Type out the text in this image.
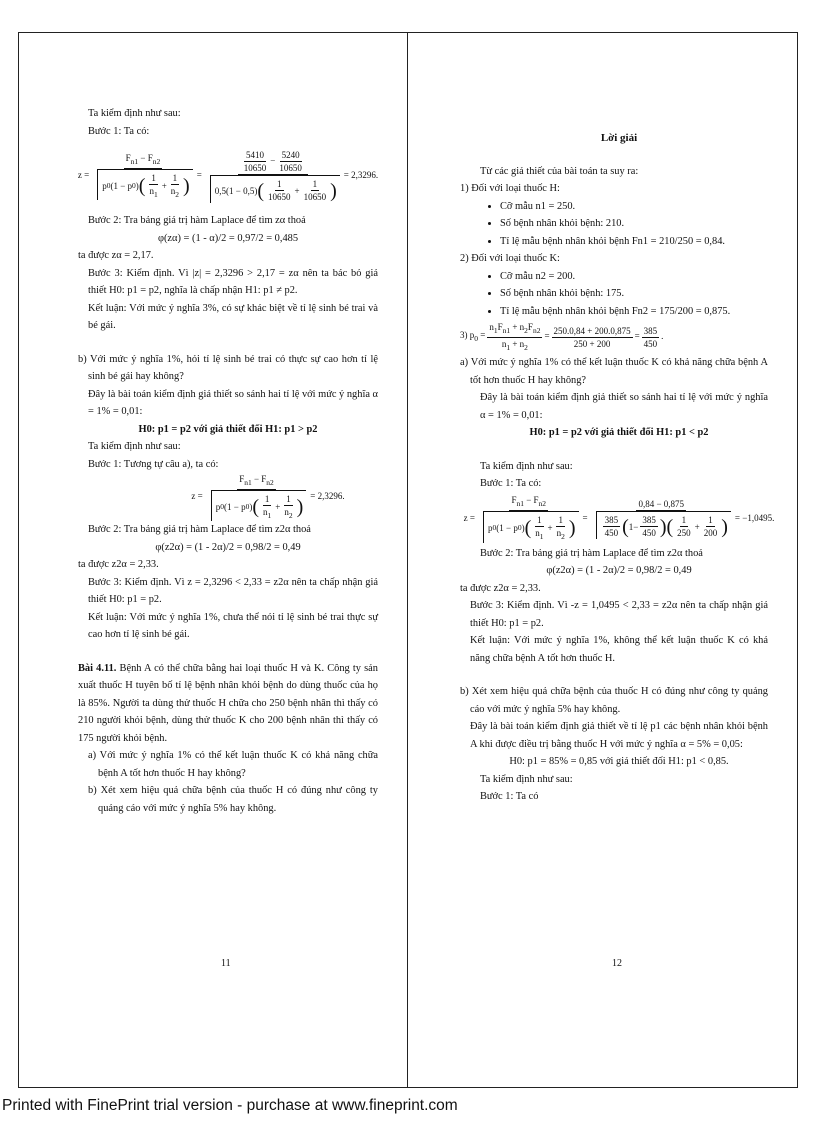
Ta kiểm định như sau:

Bước 1: Ta có:

$z = \frac{F_{n1} - F_{n2}}{p 0 (1 - p 0 ) ( \frac{1}{n_1} + \frac{1}{n_2} )} = \frac{\frac{5410}{10650} - \frac{5240}{10650}}{0,5(1 - 0,5) ( \frac{1}{10650} + \frac{1}{10650} )} = 2,3296$.

Bước 2: Tra bảng giá trị hàm Laplace để tìm zα thoả

φ(zα) = (1 - α)/2 = 0,97/2 = 0,485

ta được zα = 2,17.

Bước 3: Kiểm định. Vì |z| = 2,3296 > 2,17 = zα nên ta bác bỏ giả thiết H0: p1 = p2, nghĩa là chấp nhận H1: p1 ≠ p2.

Kết luận: Với mức ý nghĩa 3%, có sự khác biệt về tỉ lệ sinh bé trai và bé gái.

b) Với mức ý nghĩa 1%, hỏi tỉ lệ sinh bé trai có thực sự cao hơn tỉ lệ sinh bé gái hay không?

Đây là bài toán kiểm định giả thiết so sánh hai tỉ lệ với mức ý nghĩa α = 1% = 0,01:

H0: p1 = p2 với giả thiết đối H1: p1 > p2

Ta kiểm định như sau:

Bước 1: Tương tự câu a), ta có:

$z = \frac{F_{n1} - F_{n2}}{p 0 (1 - p 0 ) ( \frac{1}{n_1} + \frac{1}{n_2} )} = 2,3296$.

Bước 2: Tra bảng giá trị hàm Laplace để tìm z2α thoả

φ(z2α) = (1 - 2α)/2 = 0,98/2 = 0,49

ta được z2α = 2,33.

Bước 3: Kiểm định. Vì z = 2,3296 < 2,33 = z2α nên ta chấp nhận giả thiết H0: p1 = p2.

Kết luận: Với mức ý nghĩa 1%, chưa thể nói tỉ lệ sinh bé trai thực sự cao hơn tỉ lệ sinh bé gái.

Bài 4.11. Bệnh A có thể chữa bằng hai loại thuốc H và K. Công ty sản xuất thuốc H tuyên bố tỉ lệ bệnh nhân khỏi bệnh do dùng thuốc của họ là 85%. Người ta dùng thử thuốc H chữa cho 250 bệnh nhân thì thấy có 210 người khỏi bệnh, dùng thử thuốc K cho 200 bệnh nhân thì thấy có 175 người khỏi bệnh.

a) Với mức ý nghĩa 1% có thể kết luận thuốc K có khả năng chữa bệnh A tốt hơn thuốc H hay không?

b) Xét xem hiệu quả chữa bệnh của thuốc H có đúng như công ty quảng cáo với mức ý nghĩa 5% hay không.

11

Lời giải

Từ các giả thiết của bài toán ta suy ra:

1) Đối với loại thuốc H:

• Cỡ mẫu n1 = 250.
• Số bệnh nhân khỏi bệnh: 210.
• Tỉ lệ mẫu bệnh nhân khỏi bệnh Fn1 = 210/250 = 0,84.

2) Đối với loại thuốc K:

• Cỡ mẫu n2 = 200.
• Số bệnh nhân khỏi bệnh: 175.
• Tỉ lệ mẫu bệnh nhân khỏi bệnh Fn2 = 175/200 = 0,875.
3) $p_0 = \frac{n_1F_{n1} + n_2F_{n2}}{n_1 + n_2} = \frac{250.0,84 + 200.0,875}{250 + 200} = \frac{385}{450}$ .

a) Với mức ý nghĩa 1% có thể kết luận thuốc K có khả năng chữa bệnh A tốt hơn thuốc H hay không?

Đây là bài toán kiểm định giả thiết so sánh hai tỉ lệ với mức ý nghĩa α = 1% = 0,01:

H0: p1 = p2 với giả thiết đối H1: p1 < p2

Ta kiểm định như sau:

Bước 1: Ta có:

$z = \frac{F_{n1} - F_{n2}}{p 0 (1 - p 0 ) ( \frac{1}{n_1} + \frac{1}{n_2} )} = \frac{0,84 - 0,875}{\frac{385}{450} ( 1- \frac{385}{450} ) ( \frac{1}{250} + \frac{1}{200} )} = -1,0495$.

Bước 2: Tra bảng giá trị hàm Laplace để tìm z2α thoả

φ(z2α) = (1 - 2α)/2 = 0,98/2 = 0,49

ta được z2α = 2,33.

Bước 3: Kiểm định. Vì -z = 1,0495 < 2,33 = z2α nên ta chấp nhận giả thiết H0: p1 = p2.

Kết luận: Với mức ý nghĩa 1%, không thể kết luận thuốc K có khả năng chữa bệnh A tốt hơn thuốc H.

b) Xét xem hiệu quả chữa bệnh của thuốc H có đúng như công ty quảng cáo với mức ý nghĩa 5% hay không.

Đây là bài toán kiểm định giả thiết về tỉ lệ p1 các bệnh nhân khỏi bệnh A khi được điều trị bằng thuốc H với mức ý nghĩa α = 5% = 0,05:

H0: p1 = 85% = 0,85 với giả thiết đối H1: p1 < 0,85.

Ta kiểm định như sau:

Bước 1: Ta có

12
Printed with FinePrint trial version - purchase at www.fineprint.com
